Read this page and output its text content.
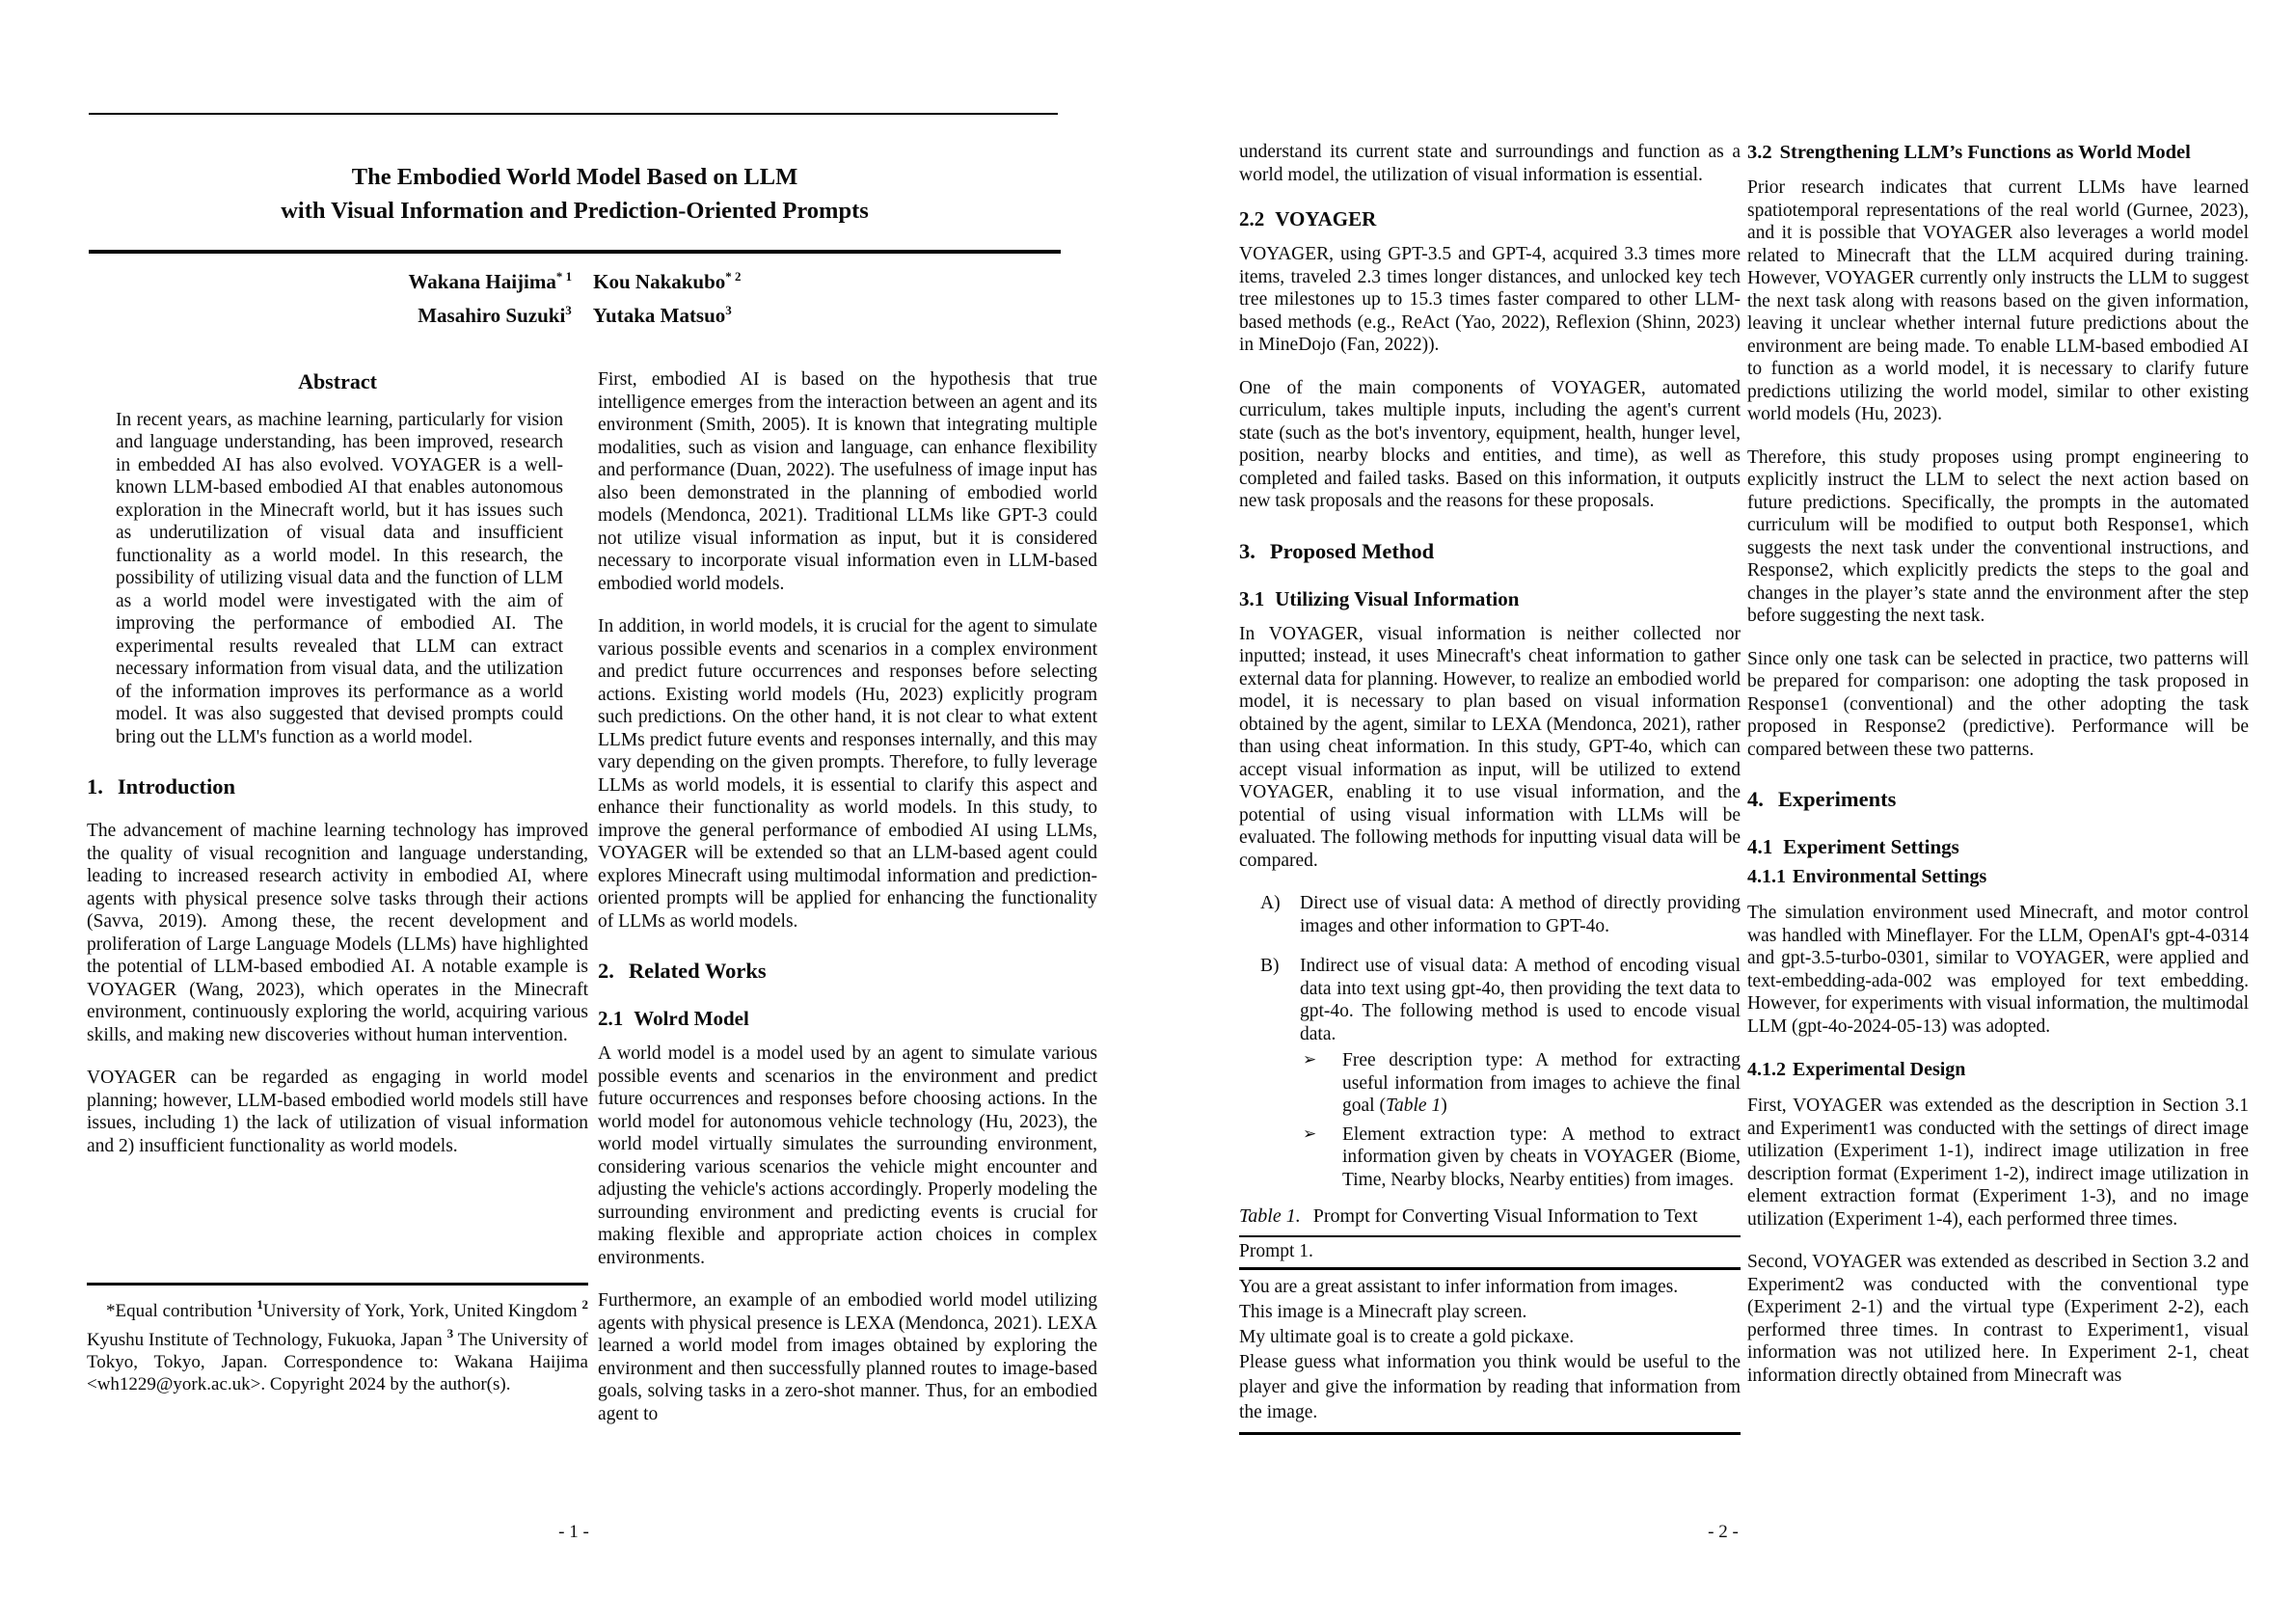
The Embodied World Model Based on LLM
with Visual Information and Prediction-Oriented Prompts
Wakana Haijima$^{* 1}$ Kou Nakakubo$^{* 2}$
Masahiro Suzuki$^3$ Yutaka Matsuo$^3$
Abstract
In recent years, as machine learning, particularly for vision and language understanding, has been improved, research in embedded AI has also evolved. VOYAGER is a well-known LLM-based embodied AI that enables autonomous exploration in the Minecraft world, but it has issues such as underutilization of visual data and insufficient functionality as a world model. In this research, the possibility of utilizing visual data and the function of LLM as a world model were investigated with the aim of improving the performance of embodied AI. The experimental results revealed that LLM can extract necessary information from visual data, and the utilization of the information improves its performance as a world model. It was also suggested that devised prompts could bring out the LLM's function as a world model.
1. Introduction

The advancement of machine learning technology has improved the quality of visual recognition and language understanding, leading to increased research activity in embodied AI, where agents with physical presence solve tasks through their actions (Savva, 2019). Among these, the recent development and proliferation of Large Language Models (LLMs) have highlighted the potential of LLM-based embodied AI. A notable example is VOYAGER (Wang, 2023), which operates in the Minecraft environment, continuously exploring the world, acquiring various skills, and making new discoveries without human intervention.

VOYAGER can be regarded as engaging in world model planning; however, LLM-based embodied world models still have issues, including 1) the lack of utilization of visual information and 2) insufficient functionality as world models.

*Equal contribution $^1$University of York, York, United Kingdom $^2$ Kyushu Institute of Technology, Fukuoka, Japan $^3$ The University of Tokyo, Tokyo, Japan. Correspondence to: Wakana Haijima <wh1229@york.ac.uk>. Copyright 2024 by the author(s).

First, embodied AI is based on the hypothesis that true intelligence emerges from the interaction between an agent and its environment (Smith, 2005). It is known that integrating multiple modalities, such as vision and language, can enhance flexibility and performance (Duan, 2022). The usefulness of image input has also been demonstrated in the planning of embodied world models (Mendonca, 2021). Traditional LLMs like GPT-3 could not utilize visual information as input, but it is considered necessary to incorporate visual information even in LLM-based embodied world models.

In addition, in world models, it is crucial for the agent to simulate various possible events and scenarios in a complex environment and predict future occurrences and responses before selecting actions. Existing world models (Hu, 2023) explicitly program such predictions. On the other hand, it is not clear to what extent LLMs predict future events and responses internally, and this may vary depending on the given prompts. Therefore, to fully leverage LLMs as world models, it is essential to clarify this aspect and enhance their functionality as world models. In this study, to improve the general performance of embodied AI using LLMs, VOYAGER will be extended so that an LLM-based agent could explores Minecraft using multimodal information and prediction-oriented prompts will be applied for enhancing the functionality of LLMs as world models.

2. Related Works
2.1 Wolrd Model

A world model is a model used by an agent to simulate various possible events and scenarios in the environment and predict future occurrences and responses before choosing actions. In the world model for autonomous vehicle technology (Hu, 2023), the world model virtually simulates the surrounding environment, considering various scenarios the vehicle might encounter and adjusting the vehicle's actions accordingly. Properly modeling the surrounding environment and predicting events is crucial for making flexible and appropriate action choices in complex environments.

Furthermore, an example of an embodied world model utilizing agents with physical presence is LEXA (Mendonca, 2021). LEXA learned a world model from images obtained by exploring the environment and then successfully planned routes to image-based goals, solving tasks in a zero-shot manner. Thus, for an embodied agent to

- 1 -

understand its current state and surroundings and function as a world model, the utilization of visual information is essential.

2.2 VOYAGER

VOYAGER, using GPT-3.5 and GPT-4, acquired 3.3 times more items, traveled 2.3 times longer distances, and unlocked key tech tree milestones up to 15.3 times faster compared to other LLM-based methods (e.g., ReAct (Yao, 2022), Reflexion (Shinn, 2023) in MineDojo (Fan, 2022)).

One of the main components of VOYAGER, automated curriculum, takes multiple inputs, including the agent's current state (such as the bot's inventory, equipment, health, hunger level, position, nearby blocks and entities, and time), as well as completed and failed tasks. Based on this information, it outputs new task proposals and the reasons for these proposals.

3. Proposed Method
3.1 Utilizing Visual Information

In VOYAGER, visual information is neither collected nor inputted; instead, it uses Minecraft's cheat information to gather external data for planning. However, to realize an embodied world model, it is necessary to plan based on visual information obtained by the agent, similar to LEXA (Mendonca, 2021), rather than using cheat information. In this study, GPT-4o, which can accept visual information as input, will be utilized to extend VOYAGER, enabling it to use visual information, and the potential of using visual information with LLMs will be evaluated. The following methods for inputting visual data will be compared.

A) Direct use of visual data: A method of directly providing images and other information to GPT-4o.
B) Indirect use of visual data: A method of encoding visual data into text using gpt-4o, then providing the text data to gpt-4o. The following method is used to encode visual data.
➢ Free description type: A method for extracting useful information from images to achieve the final goal (Table 1)
➢ Element extraction type: A method to extract information given by cheats in VOYAGER (Biome, Time, Nearby blocks, Nearby entities) from images.
Table 1. Prompt for Converting Visual Information to Text
Prompt 1.
You are a great assistant to infer information from images.
This image is a Minecraft play screen.
My ultimate goal is to create a gold pickaxe.
Please guess what information you think would be useful to the player and give the information by reading that information from the image.
3.2 Strengthening LLM’s Functions as World Model

Prior research indicates that current LLMs have learned spatiotemporal representations of the real world (Gurnee, 2023), and it is possible that VOYAGER also leverages a world model related to Minecraft that the LLM acquired during training. However, VOYAGER currently only instructs the LLM to suggest the next task along with reasons based on the given information, leaving it unclear whether internal future predictions about the environment are being made. To enable LLM-based embodied AI to function as a world model, it is necessary to clarify future predictions utilizing the world model, similar to other existing world models (Hu, 2023).

Therefore, this study proposes using prompt engineering to explicitly instruct the LLM to select the next action based on future predictions. Specifically, the prompts in the automated curriculum will be modified to output both Response1, which suggests the next task under the conventional instructions, and Response2, which explicitly predicts the steps to the goal and changes in the player’s state annd the environment after the step before suggesting the next task.

Since only one task can be selected in practice, two patterns will be prepared for comparison: one adopting the task proposed in Response1 (conventional) and the other adopting the task proposed in Response2 (predictive). Performance will be compared between these two patterns.

4. Experiments
4.1 Experiment Settings
4.1.1 Environmental Settings

The simulation environment used Minecraft, and motor control was handled with Mineflayer. For the LLM, OpenAI's gpt-4-0314 and gpt-3.5-turbo-0301, similar to VOYAGER, were applied and text-embedding-ada-002 was employed for text embedding. However, for experiments with visual information, the multimodal LLM (gpt-4o-2024-05-13) was adopted.

4.1.2 Experimental Design

First, VOYAGER was extended as the description in Section 3.1 and Experiment1 was conducted with the settings of direct image utilization (Experiment 1-1), indirect image utilization in free description format (Experiment 1-2), indirect image utilization in element extraction format (Experiment 1-3), and no image utilization (Experiment 1-4), each performed three times.

Second, VOYAGER was extended as described in Section 3.2 and Experiment2 was conducted with the conventional type (Experiment 2-1) and the virtual type (Experiment 2-2), each performed three times. In contrast to Experiment1, visual information was not utilized here. In Experiment 2-1, cheat information directly obtained from Minecraft was

- 2 -
